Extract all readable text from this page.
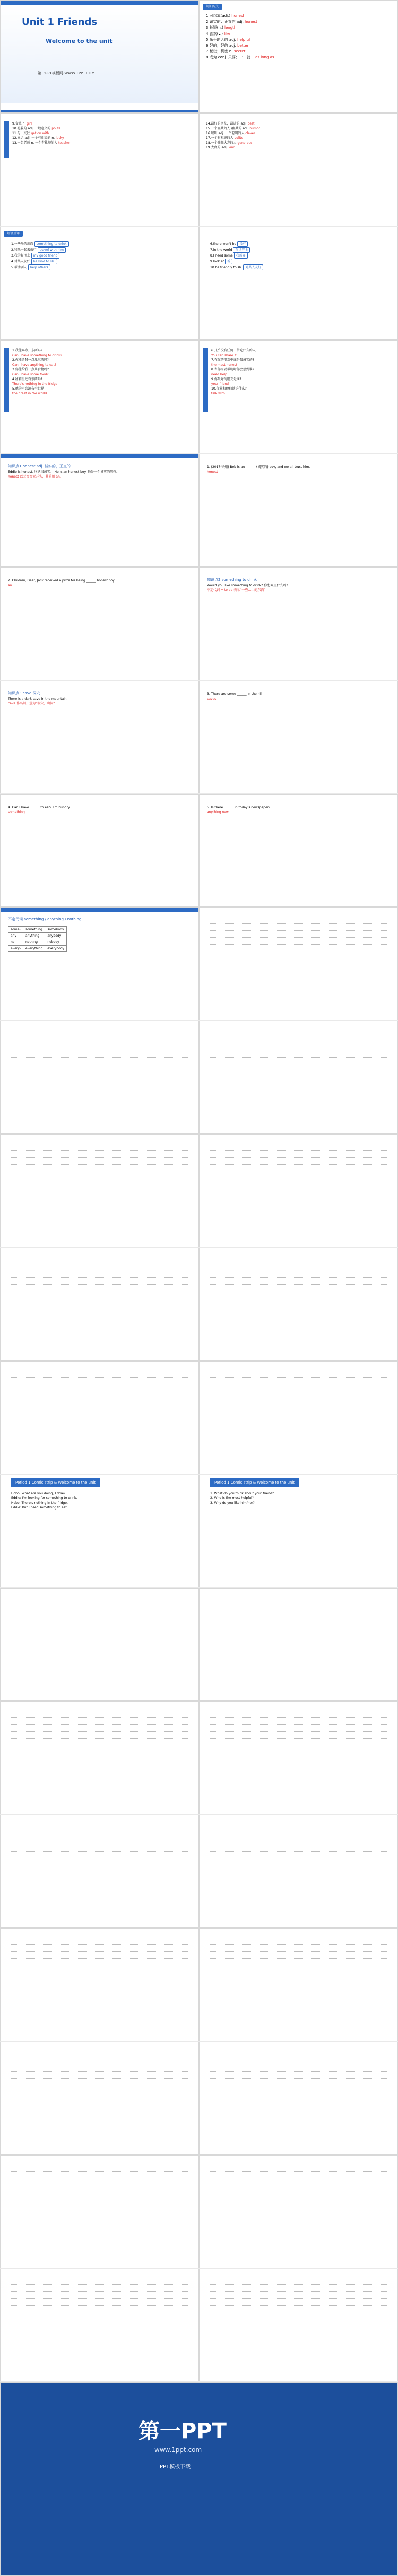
Unit 1 Friends
Welcome to the unit
第一PPT模板网-WWW.1PPT.COM
词汇闯关
1.可以靠(adj.) honest
2.诚实的；正直的 adj. honest
3.长短(n.) length
4.喜欢(v.) like
5.乐于助人的 adj. helpful
6.好的；好的 adj. better
7.秘密；机密 n. secret
8.成为 conj. 只要；一…就… as long as
9.女孩 n. girl
10.礼貌的 adj. 一般意义的 polite
11.与…交往 get on with
12.幸运 adj. 一个有礼貌的 n. lucky
13.一名老师 n. 一个有礼貌的人 teacher
14.最好的朋友，最近的 adj. best
15.一个幽默的人 /幽默的 adj. humor
16.聪明 adj. 一个聪明的人 clever
17.一个有礼貌的人 polite
18.一个慷慨大方的人 generous
19.大度的 adj. kind
短语互译
1.一些喝的东西 something to drink
2.和他一起去旅行 travel with him
3.我的好朋友 my good friend
4.对某人友好 be kind to sb.
5.帮助别人 help others
6.there won't be 没有
7.in the world 在世界上
8.I need some 我需要
9.look at 看
10.be friendly to sb. 对某人友好
1.我能喝点儿东西吗?
Can I have something to drink?
2.你能给我一点儿东西吗?
Can I have anything to eat?
3.你能给我一点儿食物吗?
Can I have some food?
4.冰箱里还有东西吗?
There's nothing in the fridge.
5.他的声音遍布全世界
the great in the world
6.几乎没有任何一位吃什么的人
You can share it.
7.在你的朋友中谁是最诚实的?
the most honest
8.当你需要帮助时你会想到谁?
need help
9.你最好的朋友是谁?
your friend
10.你能和他们谈论什么?
talk with
知识点1 honest adj. 诚实的，正直的
Eddie is honest. 埃迪很诚实。 He is an honest boy. 他是一个诚实的男孩。
honest 以元音音素开头，其前用 an。
1. (2017·徐州) Bob is an ______ (诚实的) boy, and we all trust him.
honest
2. Children, Dear, Jack received a prize for being ______ honest boy.
an
知识点2 something to drink
Would you like something to drink? 你想喝点什么吗?
不定代词 + to do 表示“一些……的东西”
知识点3 cave 洞穴
There is a dark cave in the mountain.
cave 作名词，意为“洞穴，山洞”
3. There are some ______ in the hill.
caves
4. Can I have ______ to eat? I'm hungry.
something
5. Is there ______ in today's newspaper?
anything new
不定代词 something / anything / nothing
some-	something	somebody
any-	anything	anybody
no-	nothing	nobody
every-	everything	everybody
Period 1 Comic strip & Welcome to the unit
Hobo: What are you doing, Eddie?
Eddie: I'm looking for something to drink.
Hobo: There's nothing in the fridge.
Eddie: But I need something to eat.
Period 1 Comic strip & Welcome to the unit
1. What do you think about your friend?
2. Who is the most helpful?
3. Why do you like him/her?
第一PPT
www.1ppt.com
PPT模板下载
